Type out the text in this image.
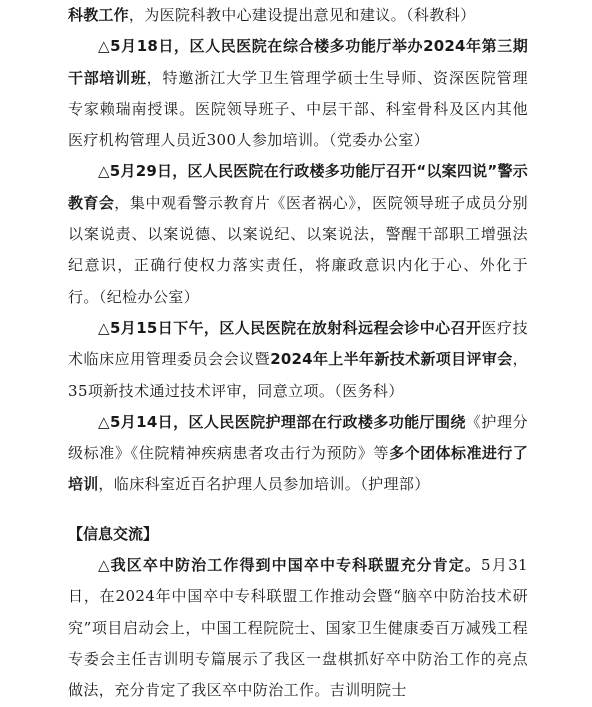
科教工作，为医院科教中心建设提出意见和建议。（科教科）

△5月18日，区人民医院在综合楼多功能厅举办2024年第三期干部培训班，特邀浙江大学卫生管理学硕士生导师、资深医院管理专家赖瑞南授课。医院领导班子、中层干部、科室骨科及区内其他医疗机构管理人员近300人参加培训。（党委办公室）

△5月29日，区人民医院在行政楼多功能厅召开“以案四说”警示教育会，集中观看警示教育片《医者祸心》，医院领导班子成员分别以案说责、以案说德、以案说纪、以案说法，警醒干部职工增强法纪意识，正确行使权力落实责任，将廉政意识内化于心、外化于行。（纪检办公室）

△5月15日下午，区人民医院在放射科远程会诊中心召开医疗技术临床应用管理委员会会议暨2024年上半年新技术新项目评审会，35项新技术通过技术评审，同意立项。（医务科）

△5月14日，区人民医院护理部在行政楼多功能厅围绕《护理分级标准》《住院精神疾病患者攻击行为预防》等多个团体标准进行了培训，临床科室近百名护理人员参加培训。（护理部）

【信息交流】

△我区卒中防治工作得到中国卒中专科联盟充分肯定。5月31日，在2024年中国卒中专科联盟工作推动会暨“脑卒中防治技术研究”项目启动会上，中国工程院院士、国家卫生健康委百万减残工程专委会主任吉训明专篇展示了我区一盘棋抓好卒中防治工作的亮点做法，充分肯定了我区卒中防治工作。吉训明院士
